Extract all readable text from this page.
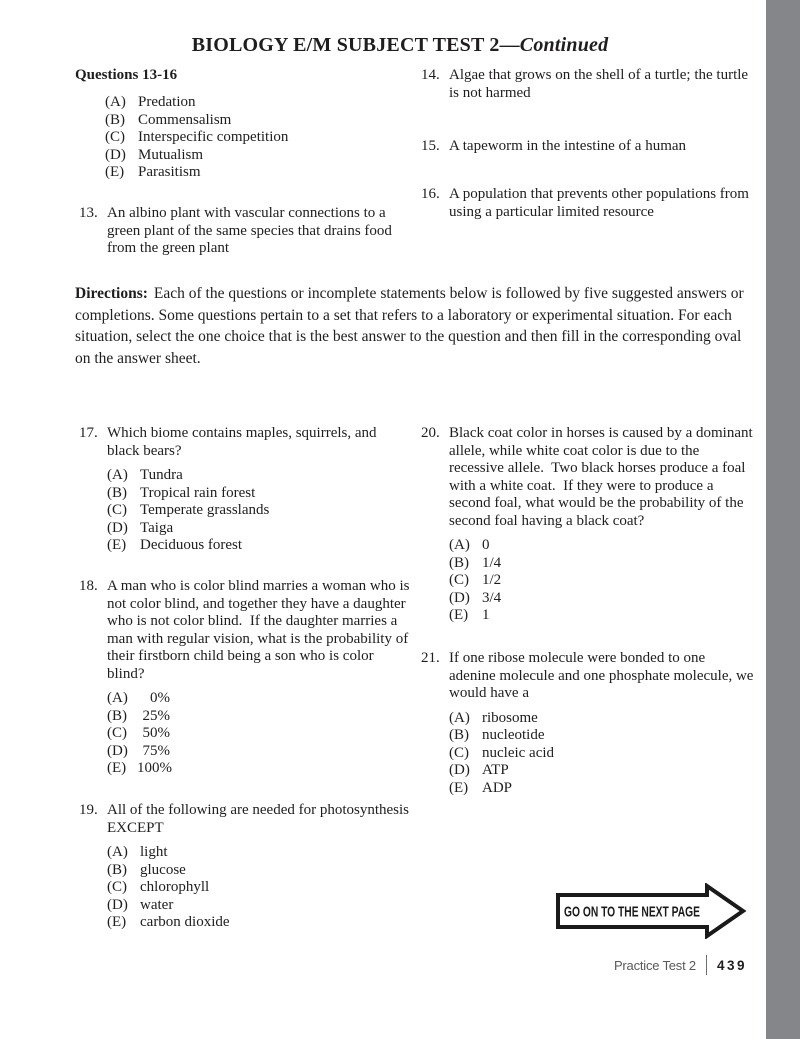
BIOLOGY E/M SUBJECT TEST 2—Continued
Questions 13-16
(A) Predation
(B) Commensalism
(C) Interspecific competition
(D) Mutualism
(E) Parasitism
13. An albino plant with vascular connections to a green plant of the same species that drains food from the green plant

14. Algae that grows on the shell of a turtle; the turtle is not harmed

15. A tapeworm in the intestine of a human

16. A population that prevents other populations from using a particular limited resource

Directions: Each of the questions or incomplete statements below is followed by five suggested answers or completions. Some questions pertain to a set that refers to a laboratory or experimental situation. For each situation, select the one choice that is the best answer to the question and then fill in the corresponding oval on the answer sheet.

17. Which biome contains maples, squirrels, and black bears?

(A) Tundra
(B) Tropical rain forest
(C) Temperate grasslands
(D) Taiga
(E) Deciduous forest
18. A man who is color blind marries a woman who is not color blind, and together they have a daughter who is not color blind.  If the daughter marries a man with regular vision, what is the probability of their firstborn child being a son who is color blind?

(A)	0%
(B)	25%
(C)	50%
(D) 75%
(E) 100%
19. All of the following are needed for photosynthesis EXCEPT

(A) light
(B) glucose
(C) chlorophyll
(D) water
(E) carbon dioxide
20. Black coat color in horses is caused by a dominant allele, while white coat color is due to the recessive allele.  Two black horses produce a foal with a white coat.  If they were to produce a second foal, what would be the probability of the second foal having a black coat?

(A) 0
(B) 1/4
(C) 1/2
(D) 3/4
(E) 1
21. If one ribose molecule were bonded to one adenine molecule and one phosphate molecule, we would have a

(A) ribosome
(B) nucleotide
(C) nucleic acid
(D) ATP
(E) ADP
GO ON TO THE NEXT PAGE
Practice Test 2 439
